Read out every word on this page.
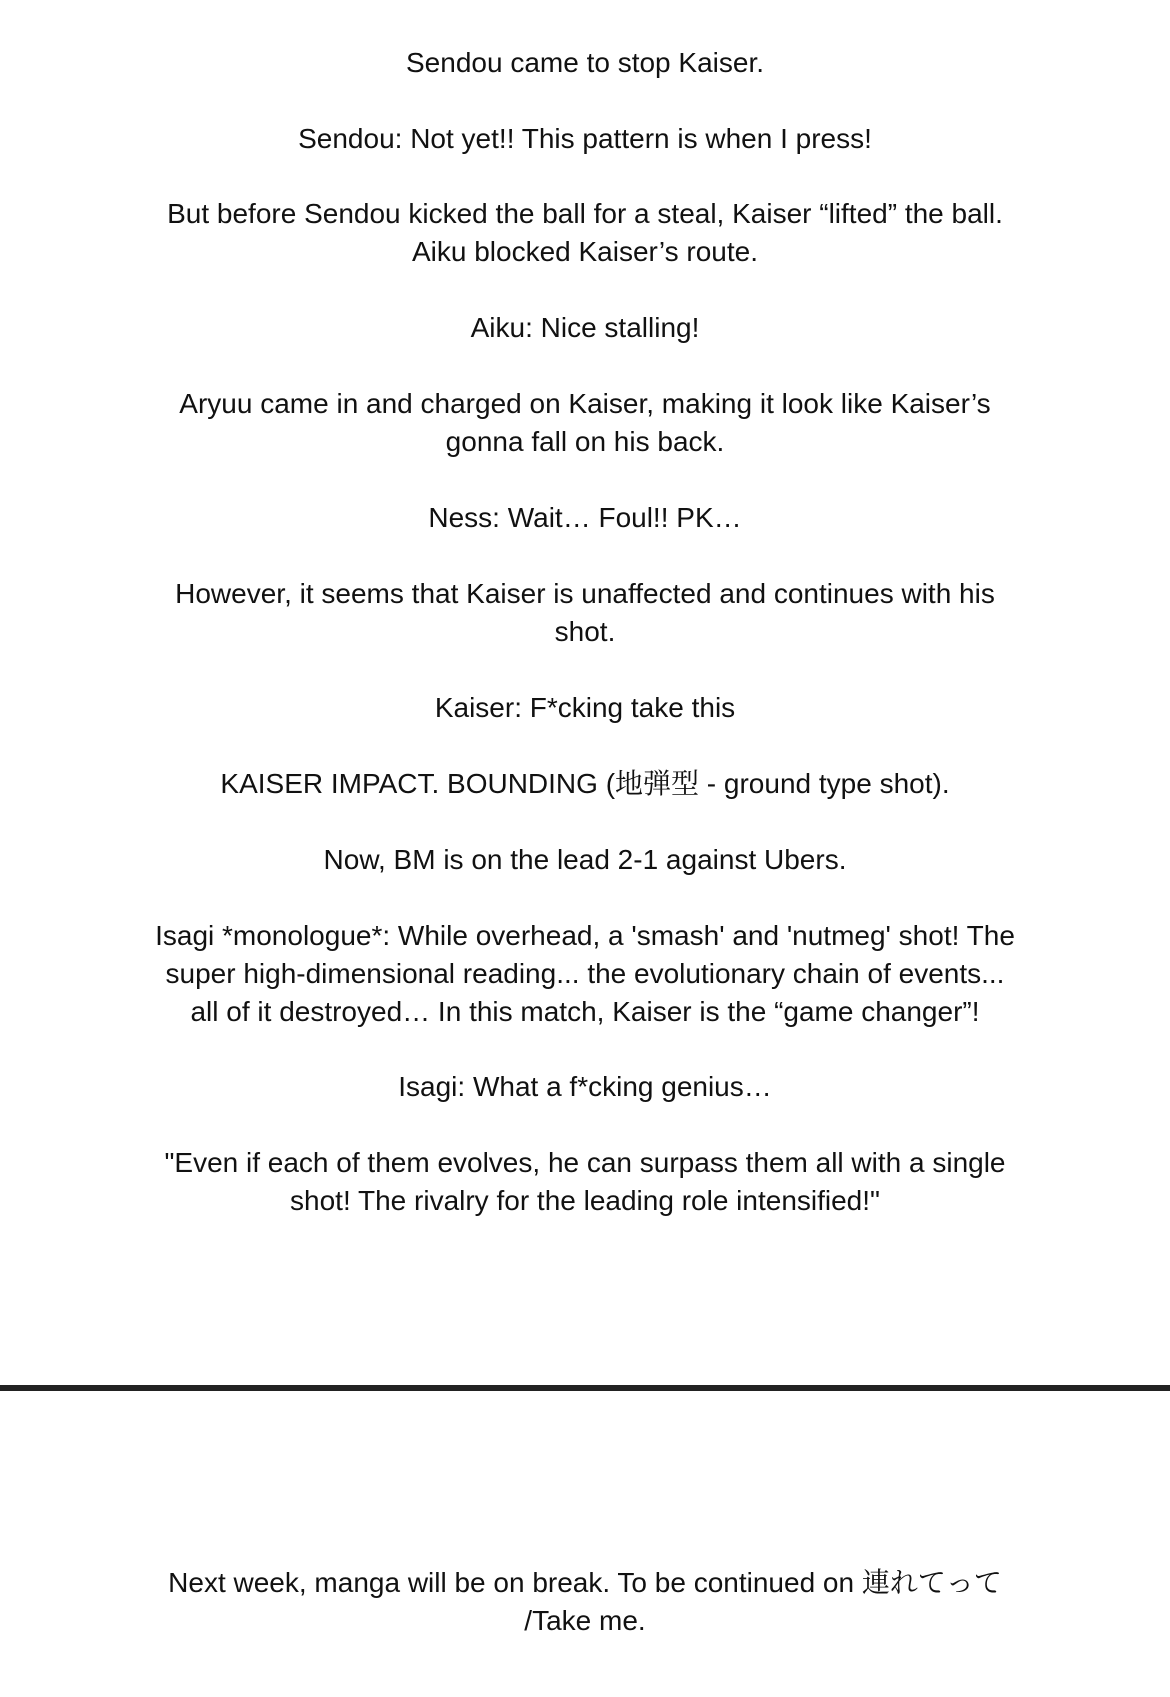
Sendou came to stop Kaiser.
Sendou: Not yet!! This pattern is when I press!
But before Sendou kicked the ball for a steal, Kaiser “lifted” the ball.
Aiku blocked Kaiser’s route.
Aiku: Nice stalling!
Aryuu came in and charged on Kaiser, making it look like Kaiser’s
gonna fall on his back.
Ness: Wait… Foul!! PK…
However, it seems that Kaiser is unaffected and continues with his
shot.
Kaiser: F*cking take this
KAISER IMPACT. BOUNDING (地弾型 - ground type shot).
Now, BM is on the lead 2-1 against Ubers.
Isagi *monologue*: While overhead, a 'smash' and 'nutmeg' shot! The
super high-dimensional reading... the evolutionary chain of events...
all of it destroyed… In this match, Kaiser is the “game changer”!
Isagi: What a f*cking genius…
"Even if each of them evolves, he can surpass them all with a single
shot! The rivalry for the leading role intensified!"
Next week, manga will be on break. To be continued on 連れてって
/Take me.
